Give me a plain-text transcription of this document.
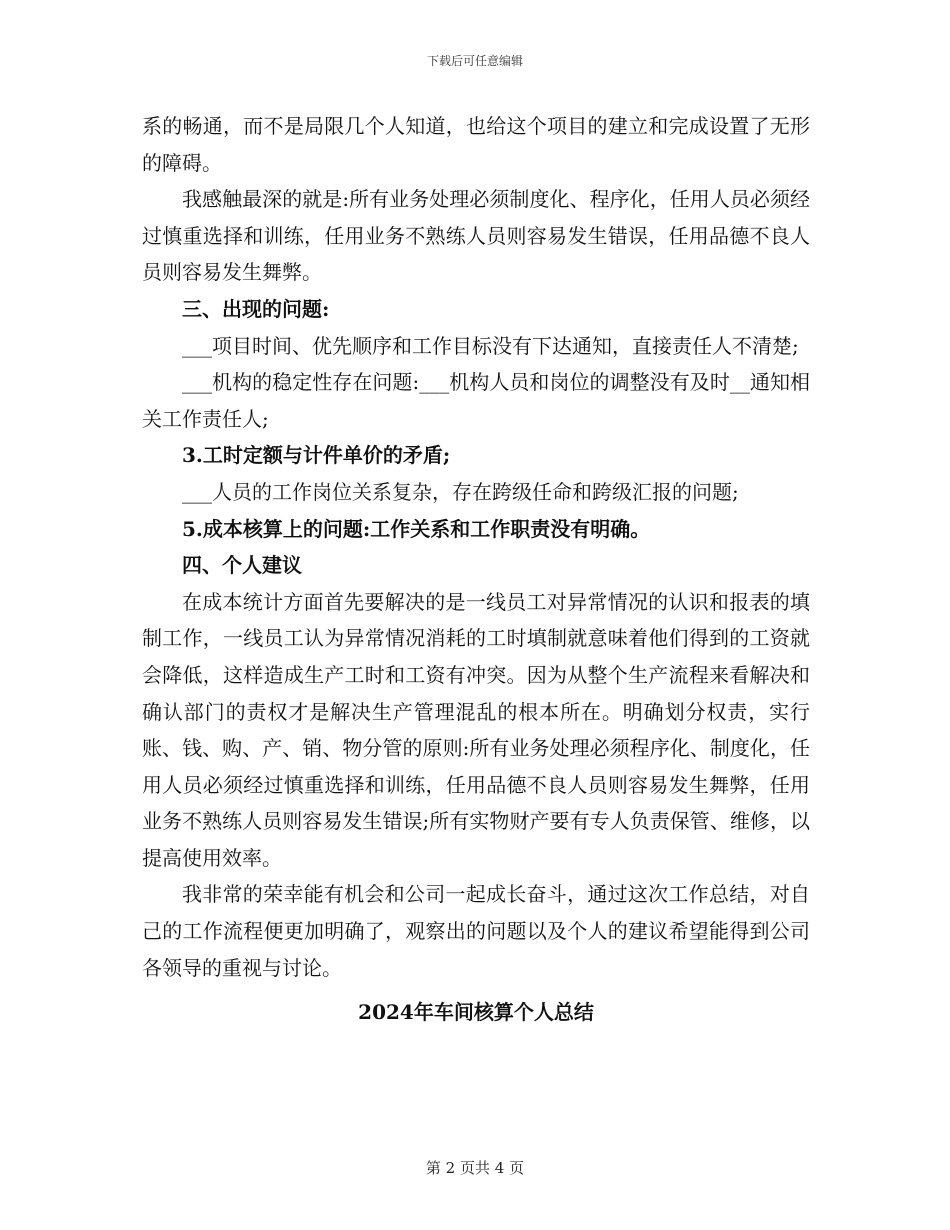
下载后可任意编辑

系的畅通，而不是局限几个人知道，也给这个项目的建立和完成设置了无形的障碍。

我感触最深的就是:所有业务处理必须制度化、程序化，任用人员必须经过慎重选择和训练，任用业务不熟练人员则容易发生错误，任用品德不良人员则容易发生舞弊。

三、出现的问题:

___项目时间、优先顺序和工作目标没有下达通知，直接责任人不清楚;

___机构的稳定性存在问题:___机构人员和岗位的调整没有及时__通知相关工作责任人;

3.工时定额与计件单价的矛盾;

___人员的工作岗位关系复杂，存在跨级任命和跨级汇报的问题;

5.成本核算上的问题:工作关系和工作职责没有明确。

四、个人建议

在成本统计方面首先要解决的是一线员工对异常情况的认识和报表的填制工作，一线员工认为异常情况消耗的工时填制就意味着他们得到的工资就会降低，这样造成生产工时和工资有冲突。因为从整个生产流程来看解决和确认部门的责权才是解决生产管理混乱的根本所在。明确划分权责，实行账、钱、购、产、销、物分管的原则:所有业务处理必须程序化、制度化，任用人员必须经过慎重选择和训练，任用品德不良人员则容易发生舞弊，任用业务不熟练人员则容易发生错误;所有实物财产要有专人负责保管、维修，以提高使用效率。

我非常的荣幸能有机会和公司一起成长奋斗，通过这次工作总结，对自己的工作流程便更加明确了，观察出的问题以及个人的建议希望能得到公司各领导的重视与讨论。

2024年车间核算个人总结

第 2 页共 4 页
